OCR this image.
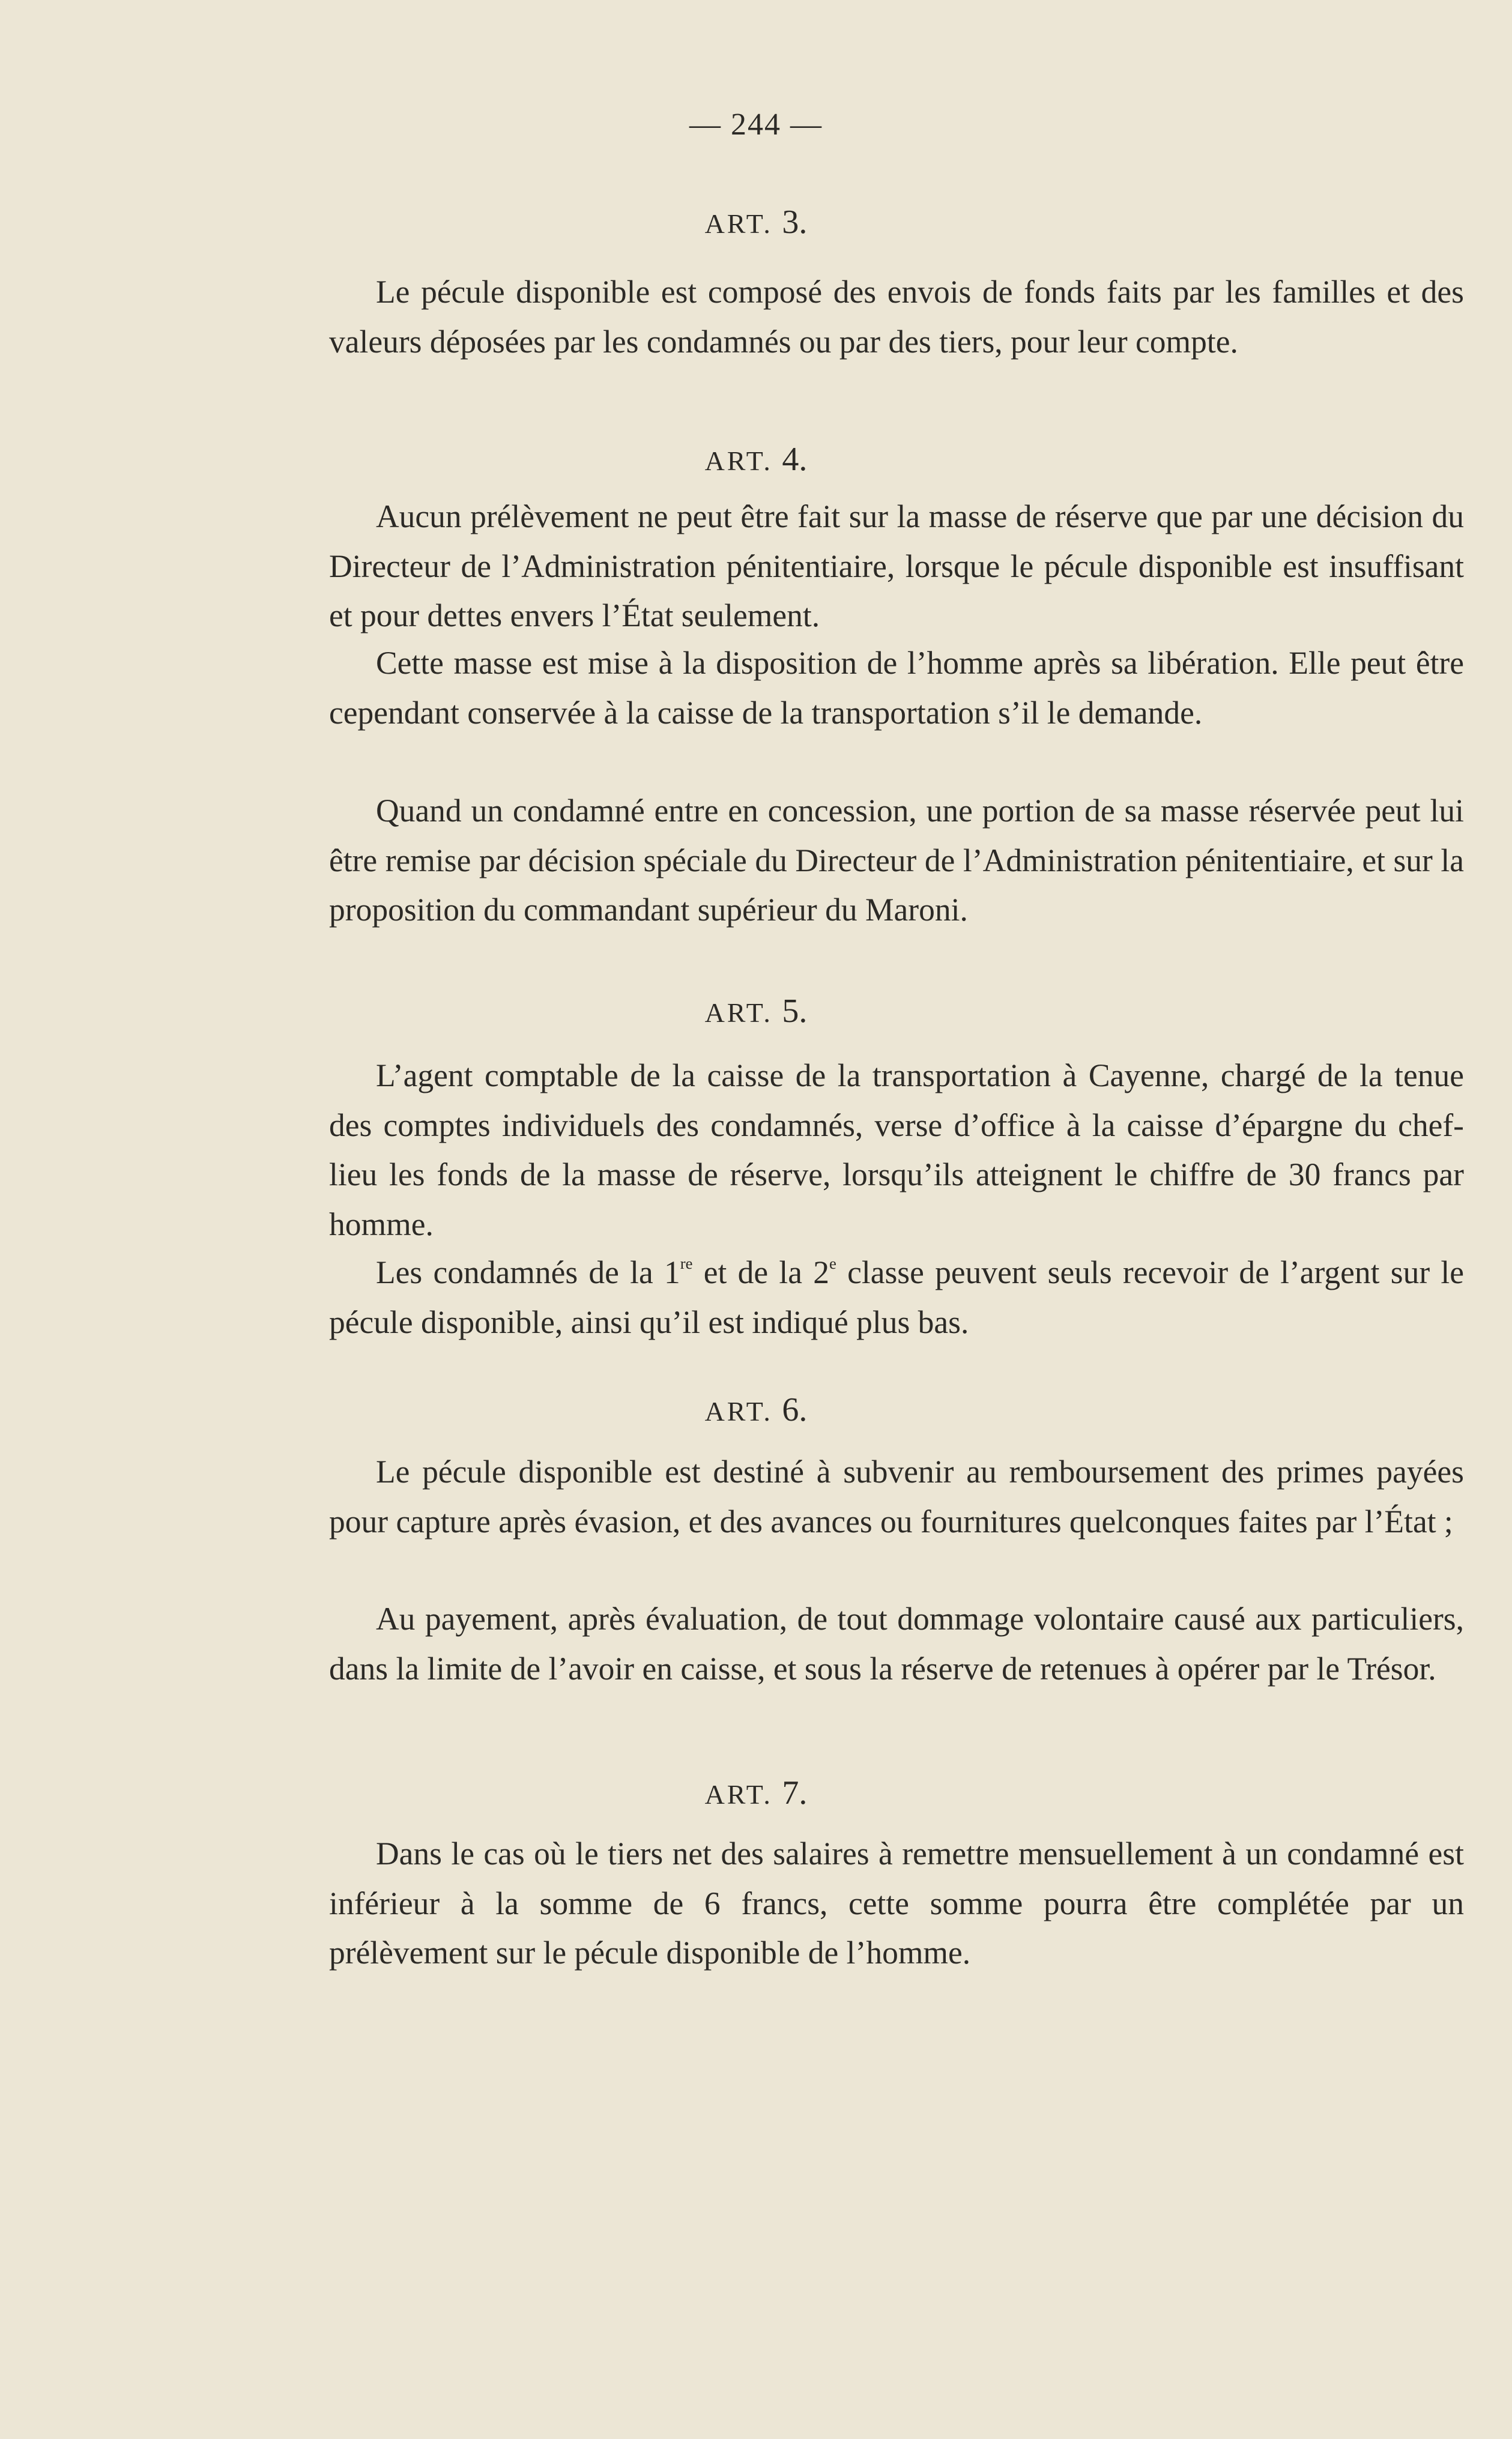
— 244 —
ART. 3.

Le pécule disponible est composé des envois de fonds faits par les familles et des valeurs déposées par les condamnés ou par des tiers, pour leur compte.

ART. 4.

Aucun prélèvement ne peut être fait sur la masse de réserve que par une décision du Directeur de l’Administration pénitentiaire, lorsque le pécule disponible est insuffisant et pour dettes envers l’État seulement.

Cette masse est mise à la disposition de l’homme après sa libération. Elle peut être cependant conservée à la caisse de la transportation s’il le demande.

Quand un condamné entre en concession, une portion de sa masse réservée peut lui être remise par décision spéciale du Directeur de l’Administration pénitentiaire, et sur la proposition du commandant supérieur du Maroni.

ART. 5.

L’agent comptable de la caisse de la transportation à Cayenne, chargé de la tenue des comptes individuels des condamnés, verse d’office à la caisse d’épargne du chef-lieu les fonds de la masse de réserve, lorsqu’ils atteignent le chiffre de 30 francs par homme.

Les condamnés de la 1re et de la 2e classe peuvent seuls recevoir de l’argent sur le pécule disponible, ainsi qu’il est indiqué plus bas.

ART. 6.

Le pécule disponible est destiné à subvenir au remboursement des primes payées pour capture après évasion, et des avances ou fournitures quelconques faites par l’État ;

Au payement, après évaluation, de tout dommage volontaire causé aux particuliers, dans la limite de l’avoir en caisse, et sous la réserve de retenues à opérer par le Trésor.

ART. 7.

Dans le cas où le tiers net des salaires à remettre mensuellement à un condamné est inférieur à la somme de 6 francs, cette somme pourra être complétée par un prélèvement sur le pécule disponible de l’homme.
